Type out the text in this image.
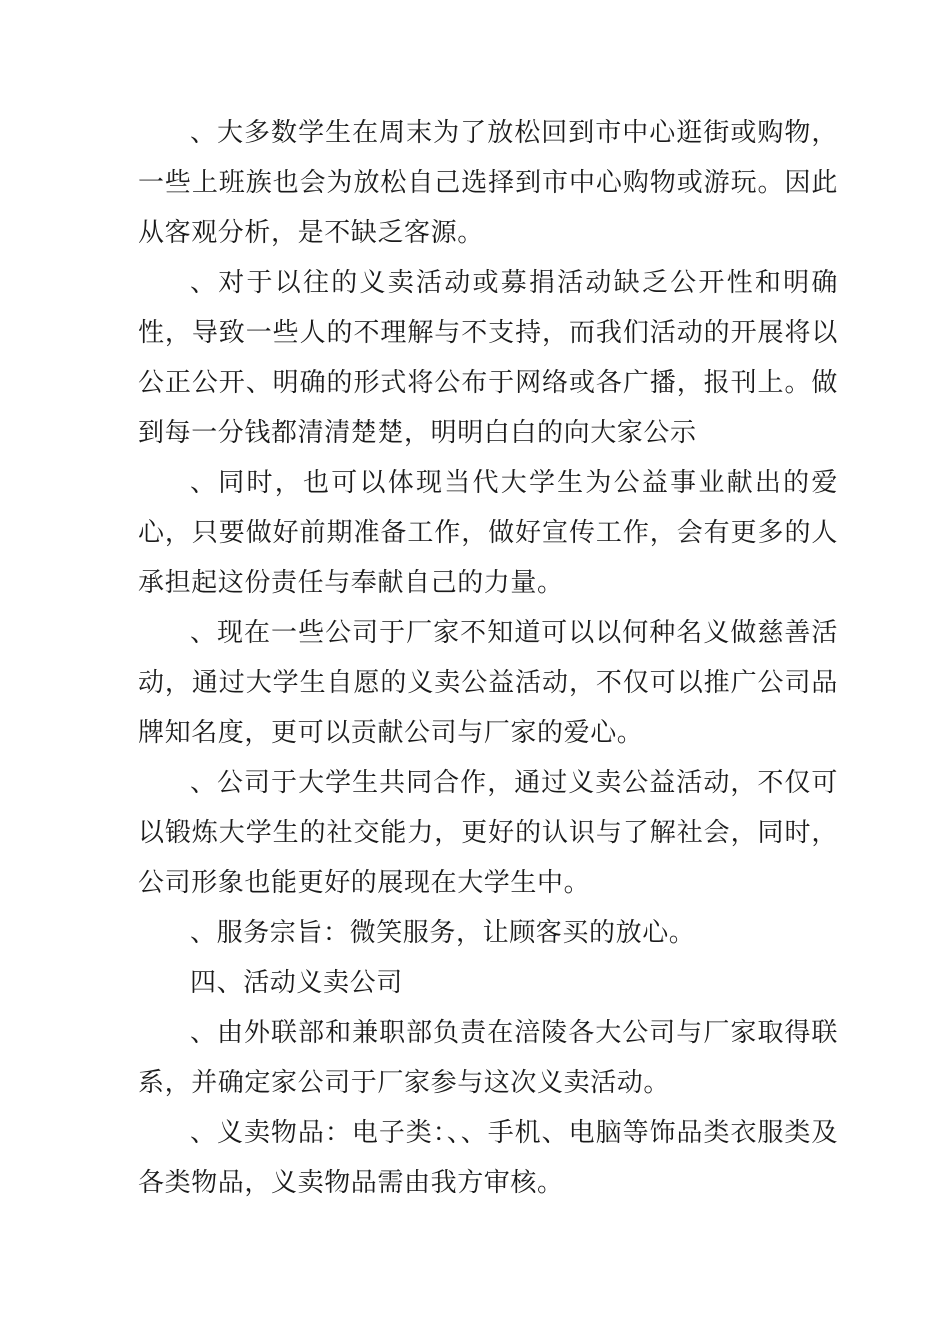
、大多数学生在周末为了放松回到市中心逛街或购物，一些上班族也会为放松自己选择到市中心购物或游玩。因此从客观分析，是不缺乏客源。

、对于以往的义卖活动或募捐活动缺乏公开性和明确性，导致一些人的不理解与不支持，而我们活动的开展将以公正公开、明确的形式将公布于网络或各广播，报刊上。做到每一分钱都清清楚楚，明明白白的向大家公示

、同时，也可以体现当代大学生为公益事业献出的爱心，只要做好前期准备工作，做好宣传工作，会有更多的人承担起这份责任与奉献自己的力量。

、现在一些公司于厂家不知道可以以何种名义做慈善活动，通过大学生自愿的义卖公益活动，不仅可以推广公司品牌知名度，更可以贡献公司与厂家的爱心。

、公司于大学生共同合作，通过义卖公益活动，不仅可以锻炼大学生的社交能力，更好的认识与了解社会，同时，公司形象也能更好的展现在大学生中。

、服务宗旨：微笑服务，让顾客买的放心。

四、活动义卖公司

、由外联部和兼职部负责在涪陵各大公司与厂家取得联系，并确定家公司于厂家参与这次义卖活动。

、义卖物品：电子类：、、手机、电脑等饰品类衣服类及各类物品，义卖物品需由我方审核。
